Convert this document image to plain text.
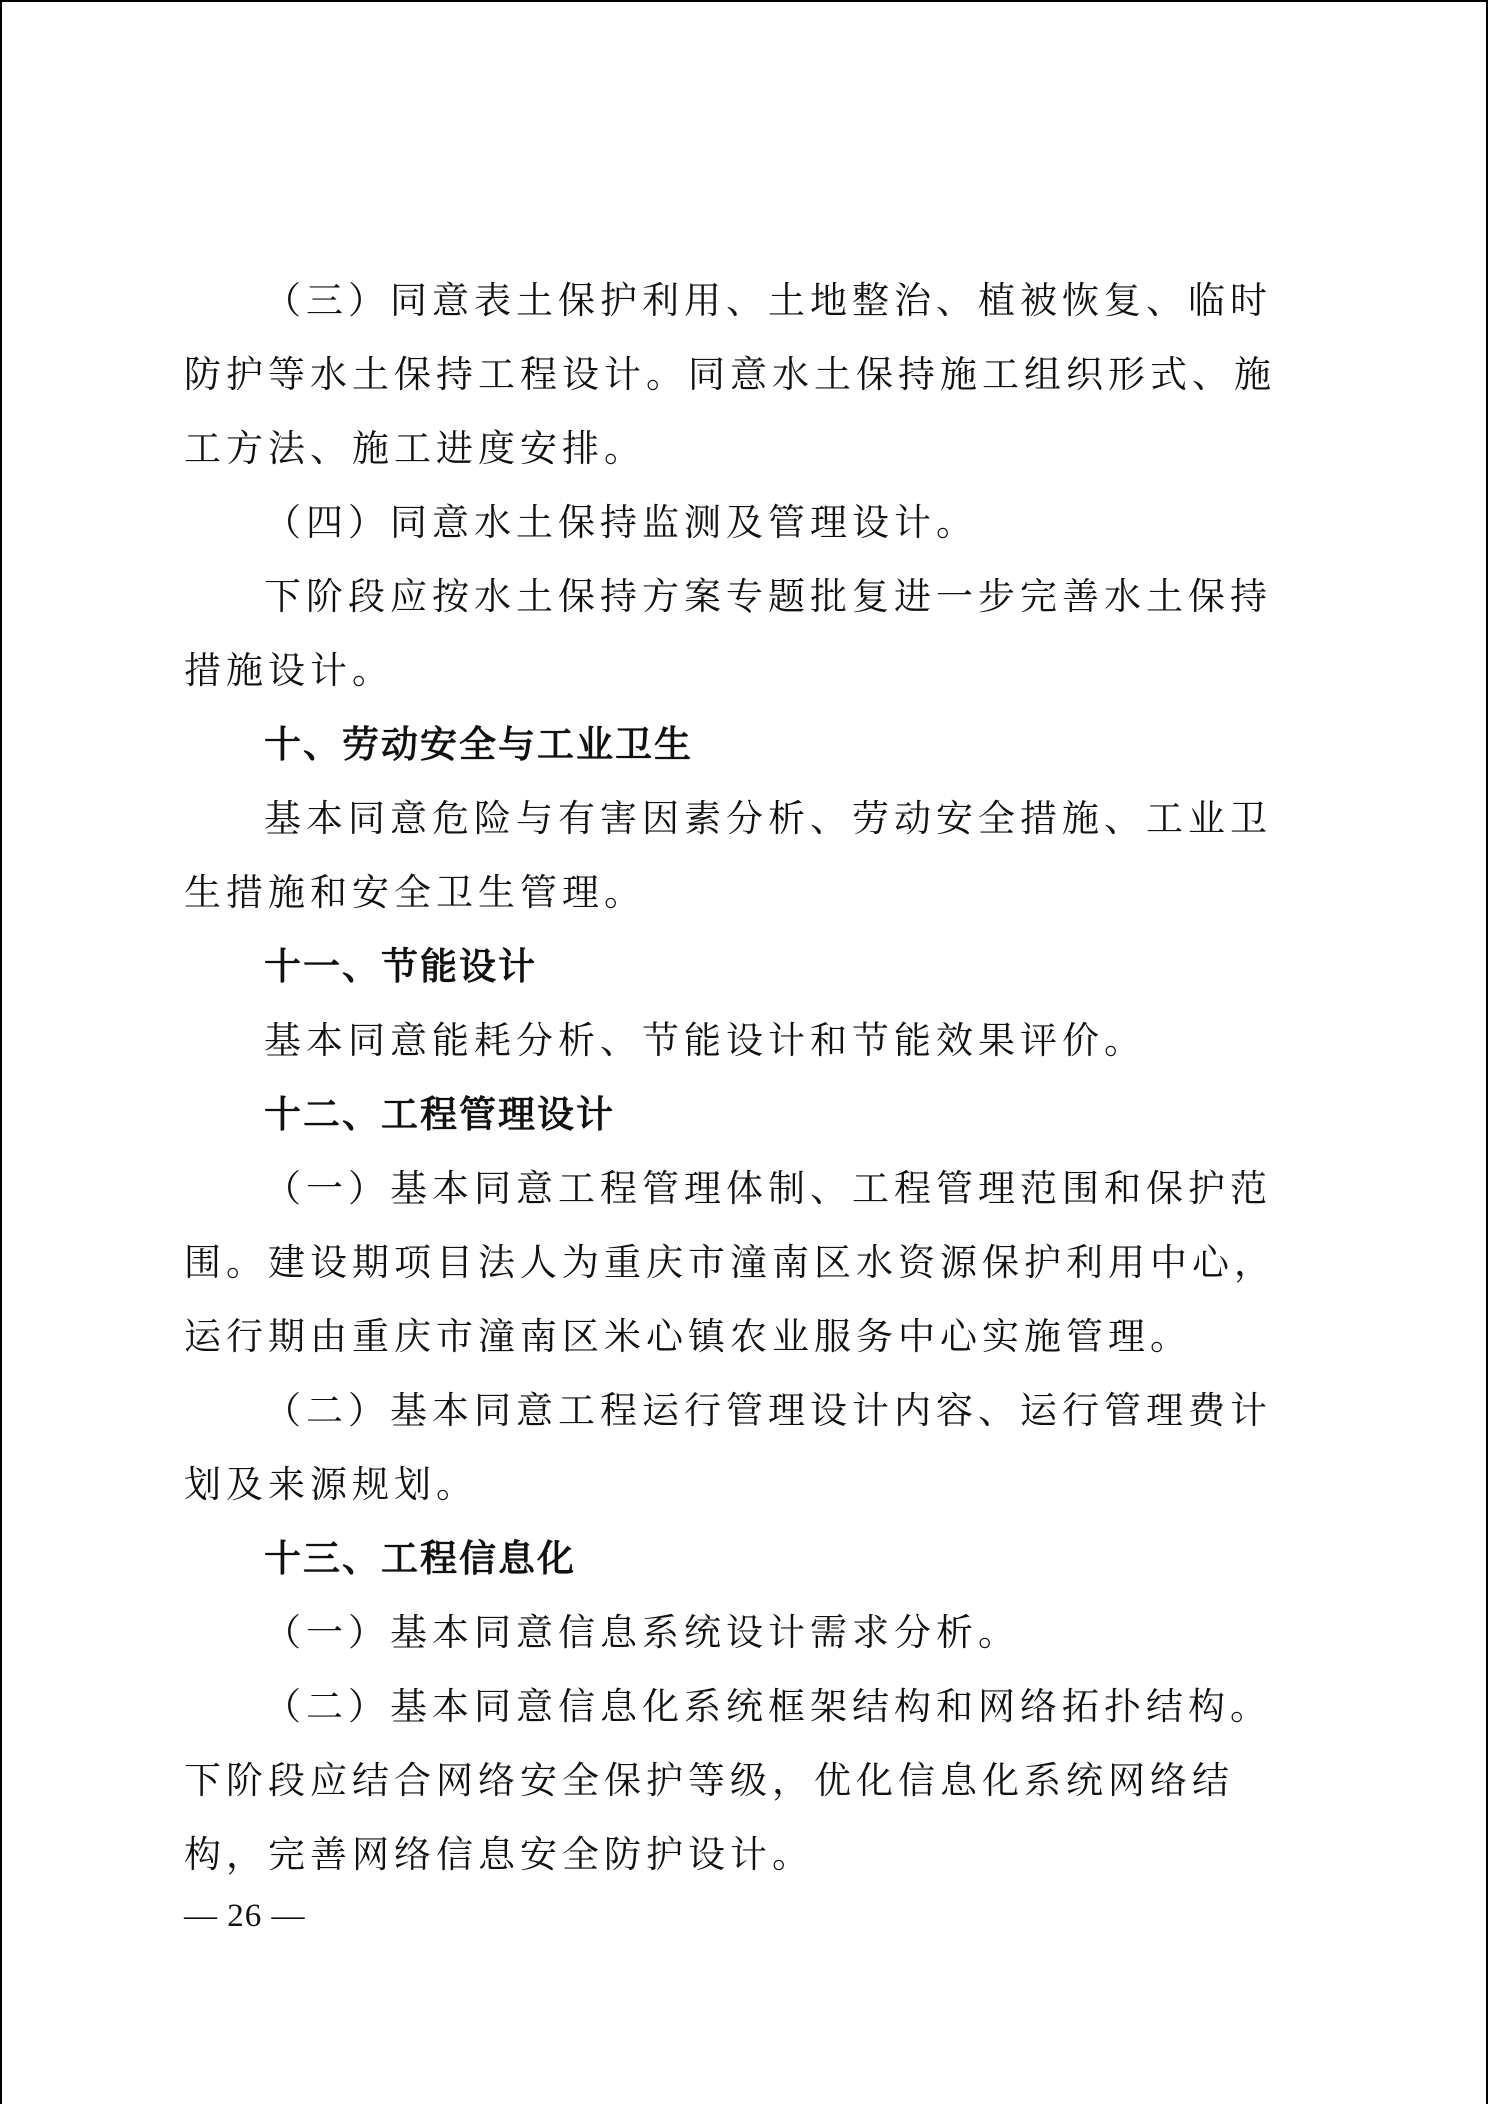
（三）同意表土保护利用、土地整治、植被恢复、临时防护等水土保持工程设计。同意水土保持施工组织形式、施工方法、施工进度安排。

（四）同意水土保持监测及管理设计。

下阶段应按水土保持方案专题批复进一步完善水土保持措施设计。

十、劳动安全与工业卫生

基本同意危险与有害因素分析、劳动安全措施、工业卫生措施和安全卫生管理。

十一、节能设计

基本同意能耗分析、节能设计和节能效果评价。

十二、工程管理设计

（一）基本同意工程管理体制、工程管理范围和保护范围。建设期项目法人为重庆市潼南区水资源保护利用中心，运行期由重庆市潼南区米心镇农业服务中心实施管理。

（二）基本同意工程运行管理设计内容、运行管理费计划及来源规划。

十三、工程信息化

（一）基本同意信息系统设计需求分析。

（二）基本同意信息化系统框架结构和网络拓扑结构。下阶段应结合网络安全保护等级，优化信息化系统网络结构，完善网络信息安全防护设计。

— 26 —
